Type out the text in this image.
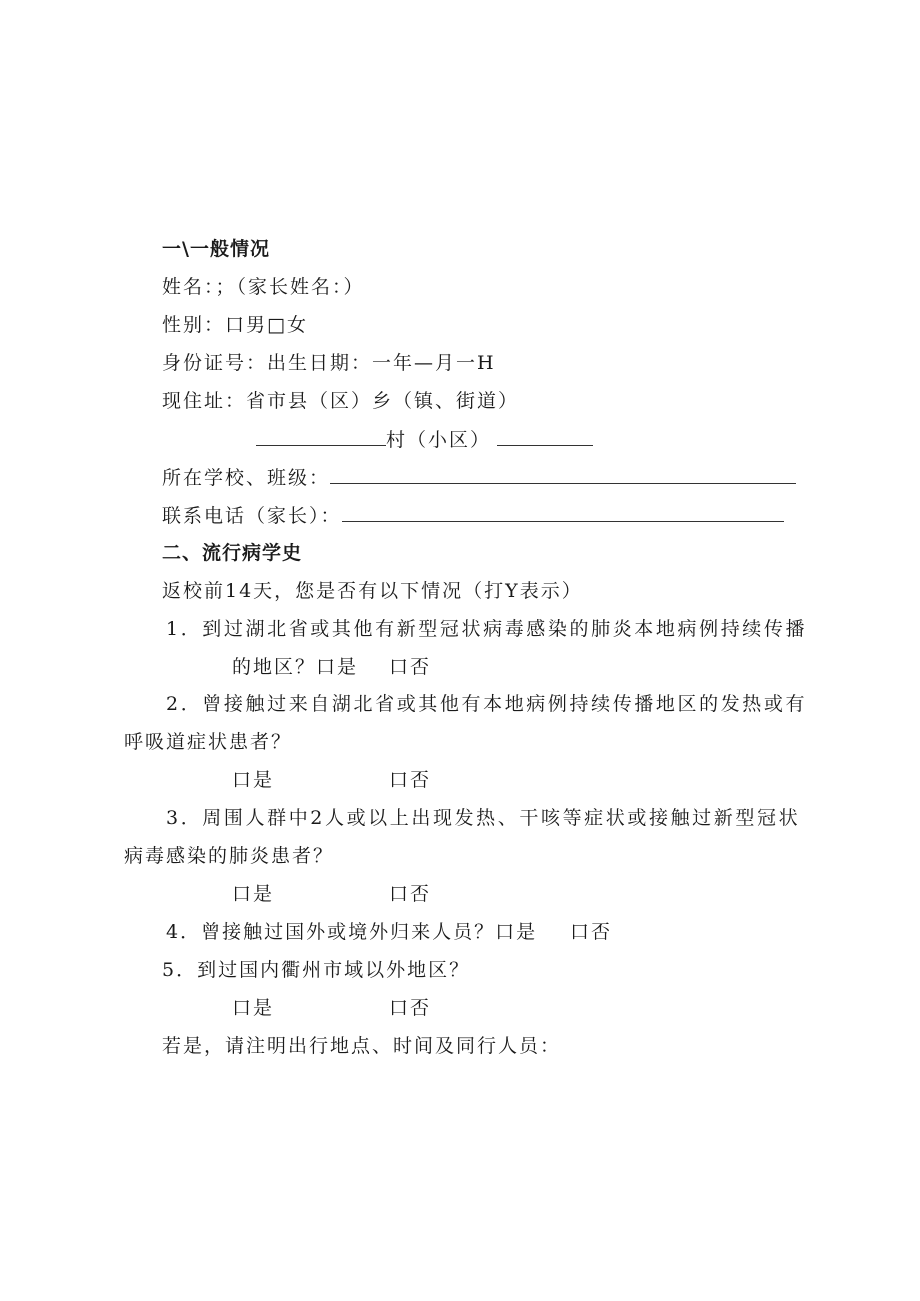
一\一般情况
姓名：；（家长姓名：）
性别：口男□女
身份证号：出生日期：一年—月一H
现住址：省市县（区）乡（镇、街道）
村（小区）
所在学校、班级：
联系电话（家长）：
二、流行病学史
返校前14天，您是否有以下情况（打Y表示）
1．到过湖北省或其他有新型冠状病毒感染的肺炎本地病例持续传播
的地区？口是 口否
2．曾接触过来自湖北省或其他有本地病例持续传播地区的发热或有
呼吸道症状患者？
口是	口否
3．周围人群中2人或以上出现发热、干咳等症状或接触过新型冠状
病毒感染的肺炎患者？
口是	口否
4．曾接触过国外或境外归来人员？口是 口否
5．到过国内衢州市域以外地区？
口是	口否
若是，请注明出行地点、时间及同行人员：
